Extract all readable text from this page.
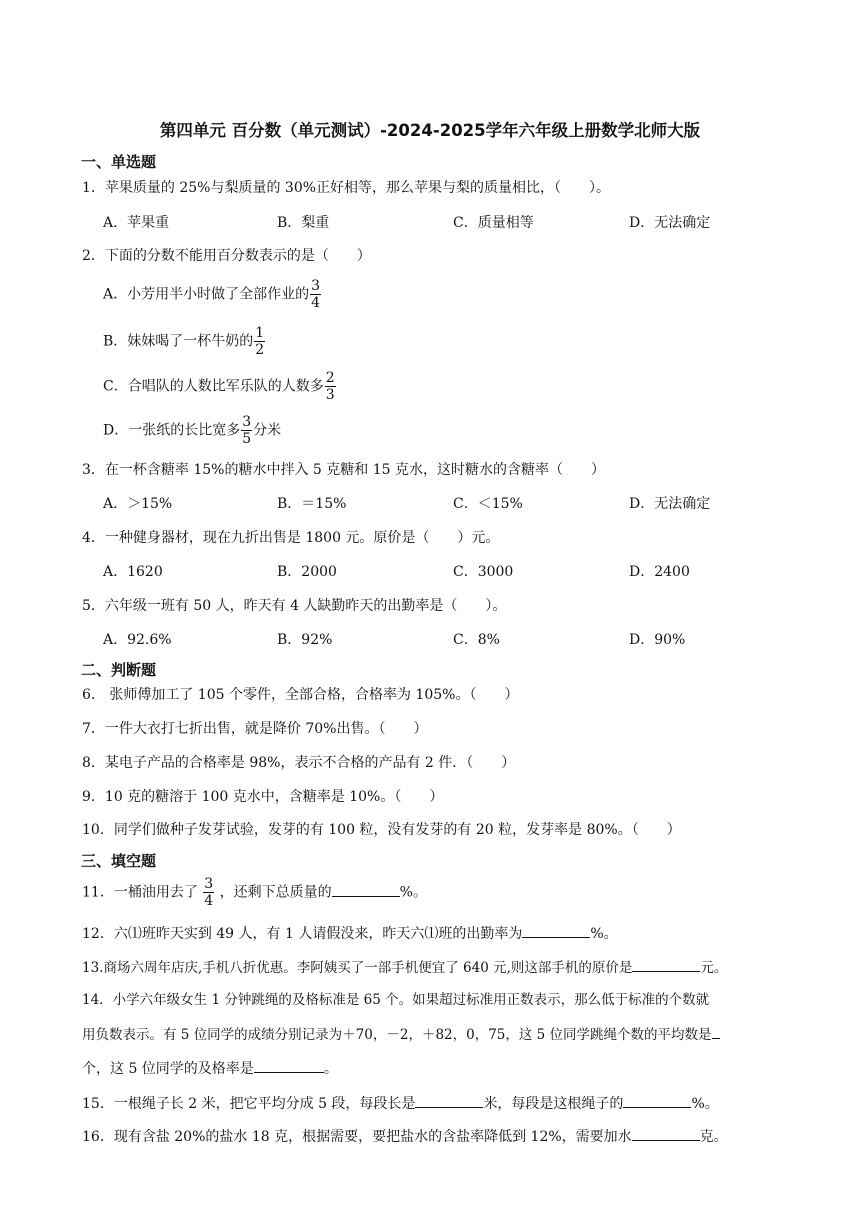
第四单元 百分数（单元测试）-2024-2025学年六年级上册数学北师大版
一、单选题
1．苹果质量的 25%与梨质量的 30%正好相等，那么苹果与梨的质量相比，（　　）。
A．苹果重	B．梨重	C．质量相等	D．无法确定
2．下面的分数不能用百分数表示的是（　　）
A．小芳用半小时做了全部作业的 $\frac{3}{4}$
B．妹妹喝了一杯牛奶的 $\frac{1}{2}$
C．合唱队的人数比军乐队的人数多 $\frac{2}{3}$
D．一张纸的长比宽多 $\frac{3}{5}$ 分米
3．在一杯含糖率 15%的糖水中拌入 5 克糖和 15 克水，这时糖水的含糖率（　　）
A．＞15%	B．＝15%	C．＜15%	D．无法确定
4．一种健身器材，现在九折出售是 1800 元。原价是（　　）元。
A．1620	B．2000	C．3000	D．2400
5．六年级一班有 50 人，昨天有 4 人缺勤昨天的出勤率是（　　）。
A．92.6%	B．92%	C．8%	D．90%
二、判断题
6． 张师傅加工了 105 个零件，全部合格，合格率为 105%。（　　）
7．一件大衣打七折出售，就是降价 70%出售。（　　）
8．某电子产品的合格率是 98%，表示不合格的产品有 2 件．（　　）
9．10 克的糖溶于 100 克水中，含糖率是 10%。（　　）
10．同学们做种子发芽试验，发芽的有 100 粒，没有发芽的有 20 粒，发芽率是 80%。（　　）
三、填空题
11．一桶油用去了 $\frac{3}{4}$ ，还剩下总质量的	%。
12．六⑴班昨天实到 49 人，有 1 人请假没来，昨天六⑴班的出勤率为	%。
13.商场六周年店庆,手机八折优惠。李阿姨买了一部手机便宜了 640 元,则这部手机的原价是	元。
14．小学六年级女生 1 分钟跳绳的及格标准是 65 个。如果超过标准用正数表示，那么低于标准的个数就
用负数表示。有 5 位同学的成绩分别记录为＋70，－2，＋82，0，75，这 5 位同学跳绳个数的平均数是
个，这 5 位同学的及格率是	。
15．一根绳子长 2 米，把它平均分成 5 段，每段长是	米，每段是这根绳子的	%。
16．现有含盐 20%的盐水 18 克，根据需要，要把盐水的含盐率降低到 12%，需要加水	克。
